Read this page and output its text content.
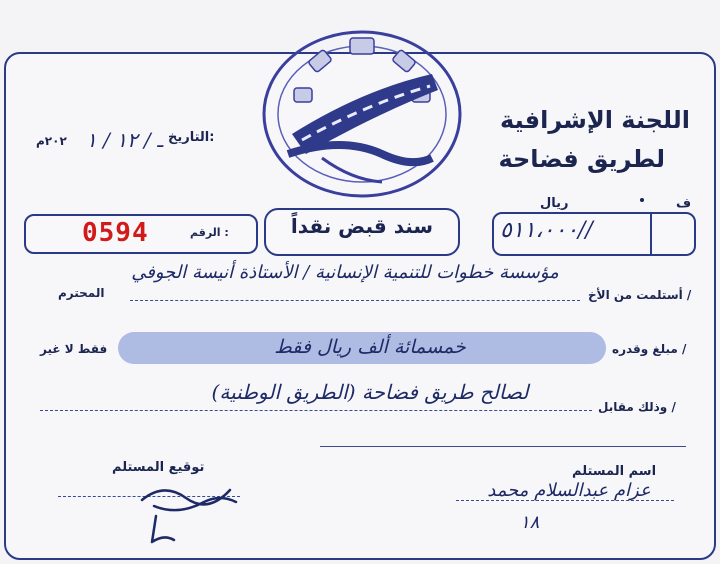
اللجنة الإشرافية
لطريق فضاحة
التاريخ:
٢٠٢م ـ / ١٢ / ١
ف
ريال
٥١١،٠٠٠//
سند قبض نقداً
الرقم :
0594
أستلمت من الأخ /
مؤسسة خطوات للتنمية الإنسانية / الأستاذة أنيسة الجوفي
المحترم
مبلغ وقدره /
خمسمائة ألف ريال فقط
فقط لا غير
وذلك مقابل /
لصالح طريق فضاحة (الطريق الوطنية)
اسم المستلم
توقيع المستلم
عزام عبدالسلام محمد
١٨
